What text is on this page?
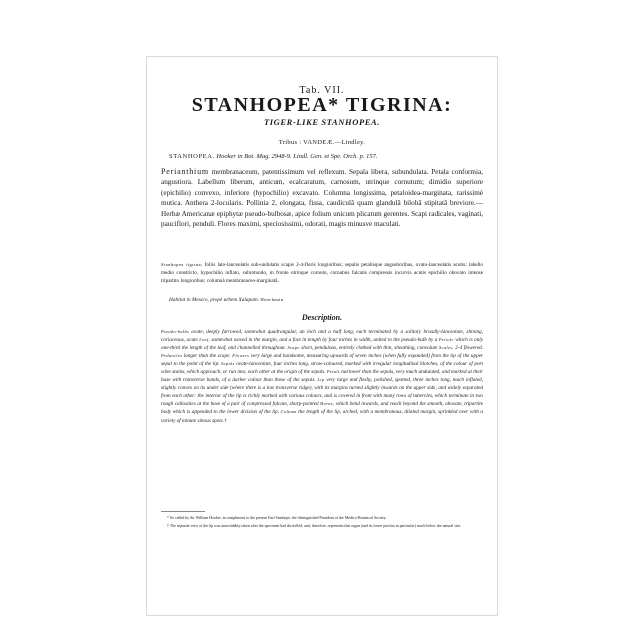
Tab. VII.
STANHOPEA* TIGRINA:
TIGER-LIKE STANHOPEA.
Tribus : VANDEÆ.—Lindley.
STANHOPEA. Hooker in Bot. Mag. 2948-9. Lindl. Gen. et Spe. Orch. p. 157.
Perianthium membranaceum, patentissimum vel reflexum. Sepala libera, subundulata. Petala conformia, angustiora. Labellum liberum, anticum, ecalcaratum, carnosum, utrinque cornutum; dimidio superiore (epichilio) convexo, inferiore (hypochilio) excavato. Columna longissima, petaloidea-marginata, rarissimè mutica. Anthera 2-locularis. Pollinia 2, elongata, fissa, caudiculâ quam glandulâ bilobâ stipitatâ breviore.—Herbæ Americanæ epiphytæ pseudo-bulbosæ, apice folium unicum plicatum gerentes. Scapi radicales, vaginati, pauciflori, penduli. Flores maximi, speciosissimi, odorati, magis minusve maculati.
Stanhopea tigrina; foliis lato-lanceolatis sub-undulatis scapis 2-4-floris longioribus; sepalis petalisque angustioribus, ovato-lanceolatis acutis; labello medio constricto, hypochilio inflato, subrotundo, in fronte utrinque cornuto, cornubus falcatis compressis incurvis acutis epichilio obovato intense tripartito longioribus; columnâ membranaceo-marginatâ.
Habitat in Mexico, propè urbem Xalapam. Henchman.
Description.
Pseudo-bulbs ovate, deeply furrowed, somewhat quadrangular, an inch and a half long, each terminated by a solitary broadly-lanceolate, shining, coriaceous, acute Leaf, somewhat waved in the margin, and a foot in length by four inches in width, united to the pseudo-bulb by a Petiole which is only one-third the length of the leaf, and channelled throughout. Scape short, pendulous, entirely clothed with thin, sheathing, convolute Scales, 2-4 flowered. Peduncles longer than the scape. Flowers very large and handsome, measuring upwards of seven inches (when fully expanded) from the tip of the upper sepal to the point of the lip. Sepals ovate-lanceolate, four inches long, straw-coloured, marked with irregular longitudinal blotches, of the colour of port wine stains, which approach, or run into, each other at the origin of the sepals. Petals narrower than the sepals, very much undulated, and marked at their base with transverse bands, of a darker colour than those of the sepals. Lip very large and fleshy, polished, spotted, three inches long, much inflated, slightly convex on its under side (where there is a low transverse ridge), with its margins turned slightly inwards on the upper side, and widely separated from each other: the interior of the lip is richly marked with various colours, and is covered in front with many rows of tubercles, which terminate in two rough callosities at the base of a pair of compressed falcate, sharp-pointed Horns, which bend inwards, and reach beyond the smooth, obovate, tripartite body which is appended to the lower division of the lip. Column the length of the lip, arched, with a membranous, dilated margin, sprinkled over with a variety of minute sinous spots.†
* So called by Sir William Hooker, in compliment to the present Earl Stanhope, the distinguished President of the Medico-Botanical Society.
† The separate view of the lip was unavoidably taken after the specimen had shrivelled, and, therefore, represents that organ (and its lower portion in particular) much below the natural size.
